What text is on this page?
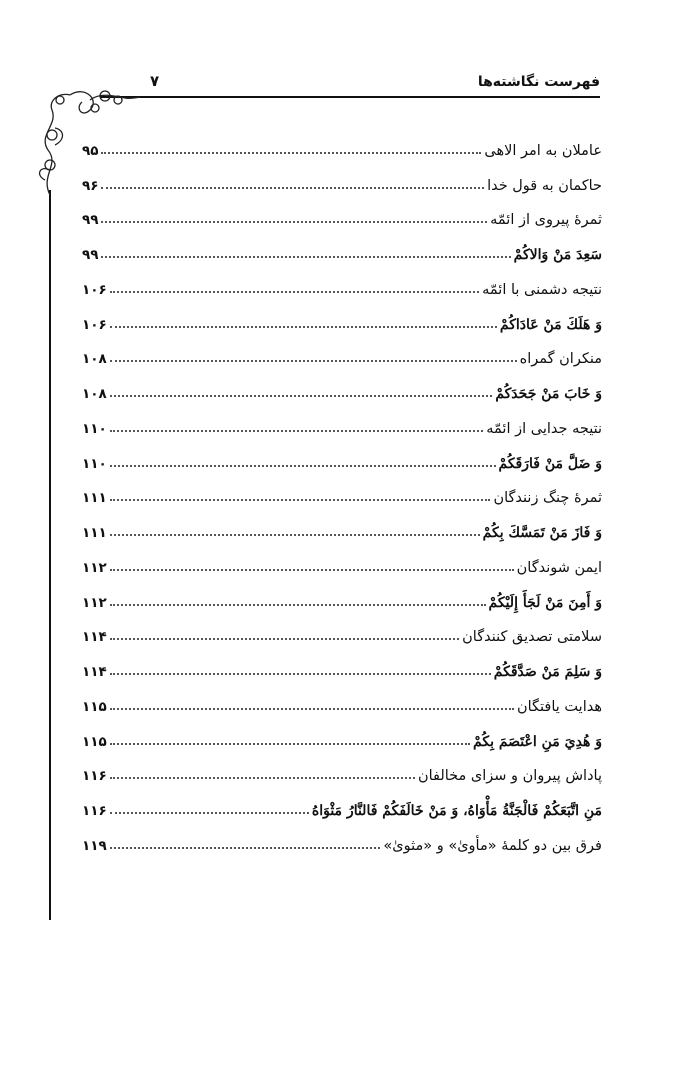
فهرست نگاشته‌ها
۷
عاملان به امر الاهی
۹۵
حاکمان به قول خدا
۹۶
ثمرهٔ پیروی از ائمّه
۹۹
سَعِدَ مَنْ وَالاکُمْ
۹۹
نتیجه دشمنی با ائمّه
۱۰۶
وَ هَلَكَ مَنْ عَادَاكُمْ
۱۰۶
منکران گمراه
۱۰۸
وَ خَابَ مَنْ جَحَدَكُمْ
۱۰۸
نتیجه جدایی از ائمّه
۱۱۰
وَ ضَلَّ مَنْ فَارَقَكُمْ
۱۱۰
ثمرهٔ چنگ زنندگان
۱۱۱
وَ فَازَ مَنْ تَمَسَّكَ بِكُمْ
۱۱۱
ایمن شوندگان
۱۱۲
وَ أَمِنَ مَنْ لَجَأَ إِلَيْكُمْ
۱۱۲
سلامتی تصدیق کنندگان
۱۱۴
وَ سَلِمَ مَنْ صَدَّقَكُمْ
۱۱۴
هدایت یافتگان
۱۱۵
وَ هُدِيَ مَنِ اعْتَصَمَ بِكُمْ
۱۱۵
پاداش پیروان و سزای مخالفان
۱۱۶
مَنِ اتَّبَعَكُمْ فَالْجَنَّةُ مَأْوَاهُ، وَ مَنْ خَالَفَكُمْ فَالنَّارُ مَثْوَاهُ
۱۱۶
فرق بین دو کلمهٔ «مأویٰ» و «مثویٰ»
۱۱۹
